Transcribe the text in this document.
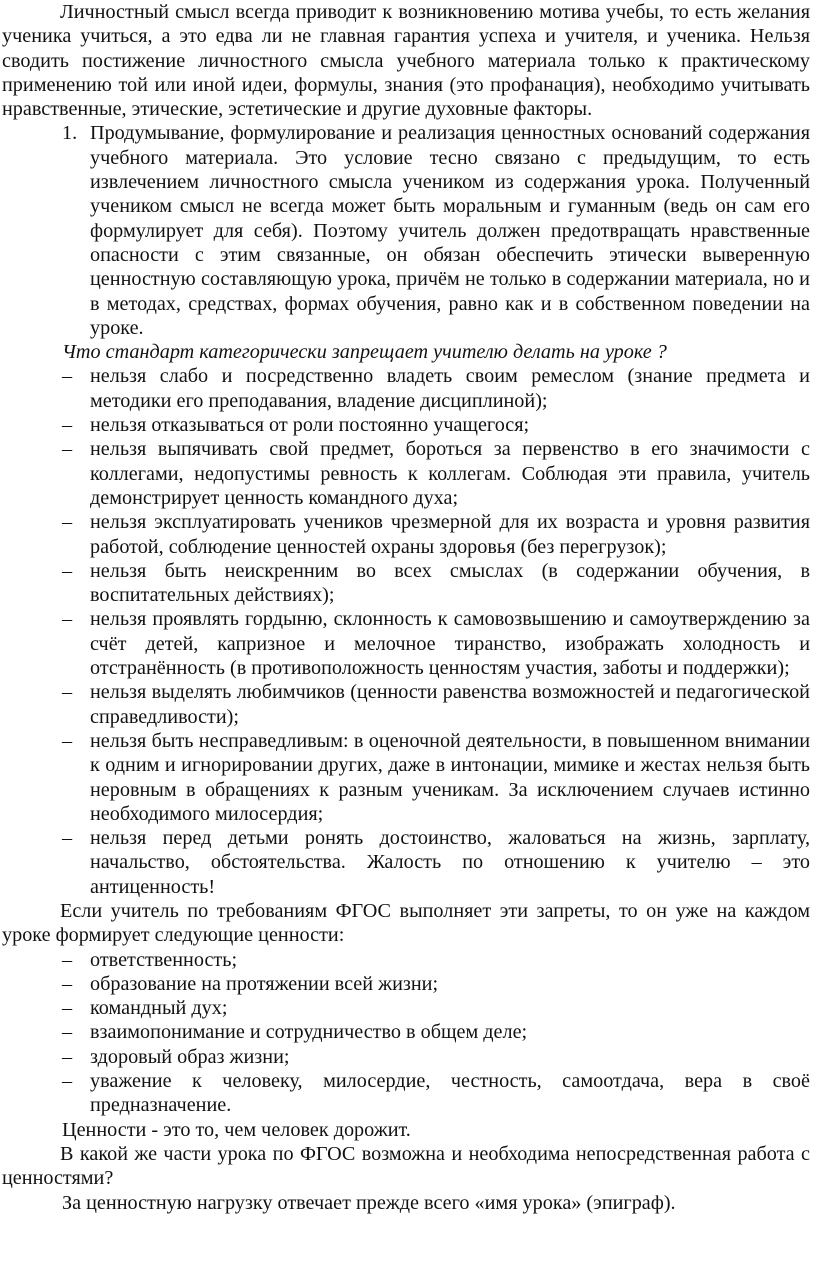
Личностный смысл всегда приводит к возникновению мотива учебы, то есть желания ученика учиться, а это едва ли не главная гарантия успеха и учителя, и ученика. Нельзя сводить постижение личностного смысла учебного материала только к практическому применению той или иной идеи, формулы, знания (это профанация), необходимо учитывать нравственные, этические, эстетические и другие духовные факторы.

1. Продумывание, формулирование и реализация ценностных оснований содержания учебного материала. Это условие тесно связано с предыдущим, то есть извлечением личностного смысла учеником из содержания урока. Полученный учеником смысл не всегда может быть моральным и гуманным (ведь он сам его формулирует для себя). Поэтому учитель должен предотвращать нравственные опасности с этим связанные, он обязан обеспечить этически выверенную ценностную составляющую урока, причём не только в содержании материала, но и в методах, средствах, формах обучения, равно как и в собственном поведении на уроке.

Что стандарт категорически запрещает учителю делать на уроке ?

– нельзя слабо и посредственно владеть своим ремеслом (знание предмета и методики его преподавания, владение дисциплиной);
– нельзя отказываться от роли постоянно учащегося;
– нельзя выпячивать свой предмет, бороться за первенство в его значимости с коллегами, недопустимы ревность к коллегам. Соблюдая эти правила, учитель демонстрирует ценность командного духа;
– нельзя эксплуатировать учеников чрезмерной для их возраста и уровня развития работой, соблюдение ценностей охраны здоровья (без перегрузок);
– нельзя быть неискренним во всех смыслах (в содержании обучения, в воспитательных действиях);
– нельзя проявлять гордыню, склонность к самовозвышению и самоутверждению за счёт детей, капризное и мелочное тиранство, изображать холодность и отстранённость (в противоположность ценностям участия, заботы и поддержки);
– нельзя выделять любимчиков (ценности равенства возможностей и педагогической справедливости);
– нельзя быть несправедливым: в оценочной деятельности, в повышенном внимании к одним и игнорировании других, даже в интонации, мимике и жестах нельзя быть неровным в обращениях к разным ученикам. За исключением случаев истинно необходимого милосердия;
– нельзя перед детьми ронять достоинство, жаловаться на жизнь, зарплату, начальство, обстоятельства. Жалость по отношению к учителю – это антиценность!

Если учитель по требованиям ФГОС выполняет эти запреты, то он уже на каждом уроке формирует следующие ценности:

– ответственность;
– образование на протяжении всей жизни;
– командный дух;
– взаимопонимание и сотрудничество в общем деле;
– здоровый образ жизни;
– уважение к человеку, милосердие, честность, самоотдача, вера в своё предназначение.

Ценности - это то, чем человек дорожит.

В какой же части урока по ФГОС возможна и необходима непосредственная работа с ценностями?

За ценностную нагрузку отвечает прежде всего «имя урока» (эпиграф).
